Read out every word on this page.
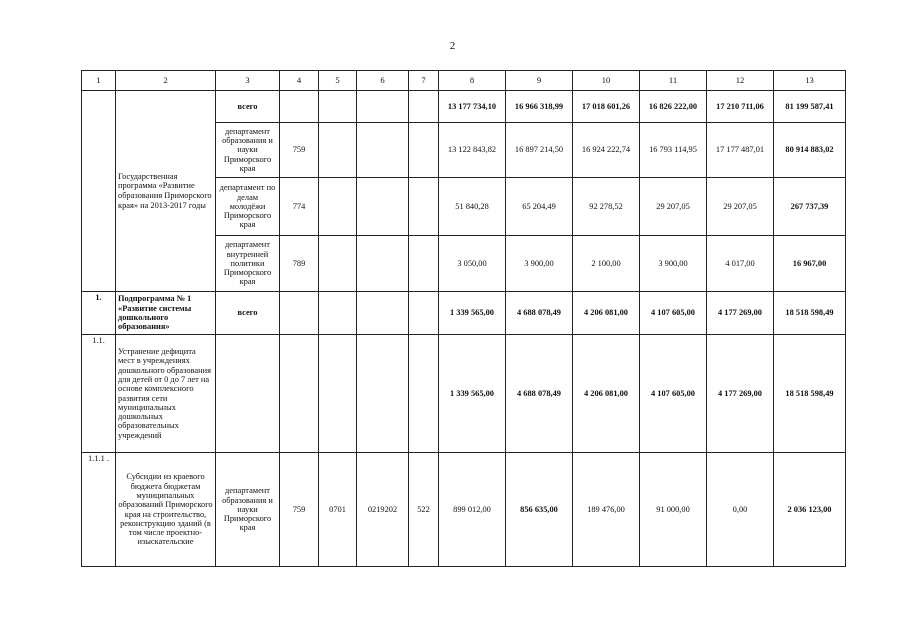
2
1	2	3	4	5	6	7	8	9	10	11	12	13
	Государственная программа «Развитие образования Приморского края» на 2013-2017 годы	всего					13 177 734,10	16 966 318,99	17 018 601,26	16 826 222,00	17 210 711,06	81 199 587,41
		департамент образования и науки Приморского края	759				13 122 843,82	16 897 214,50	16 924 222,74	16 793 114,95	17 177 487,01	80 914 883,02
		департамент по делам молодёжи Приморского края	774				51 840,28	65 204,49	92 278,52	29 207,05	29 207,05	267 737,39
		департамент внутренней политики Приморского края	789				3 050,00	3 900,00	2 100,00	3 900,00	4 017,00	16 967,00
1.	Подпрограмма № 1 «Развитие системы дошкольного образования»	всего					1 339 565,00	4 688 078,49	4 206 081,00	4 107 605,00	4 177 269,00	18 518 598,49
1.1.	Устранение дефицита мест в учреждениях дошкольного образования для детей от 0 до 7 лет на основе комплексного развития сети муниципальных дошкольных образовательных учреждений						1 339 565,00	4 688 078,49	4 206 081,00	4 107 605,00	4 177 269,00	18 518 598,49
1.1.1 .	Субсидии из краевого бюджета бюджетам муниципальных образований Приморского края на строительство, реконструкцию зданий (в том числе проектно-изыскательские	департамент образования и науки Приморского края	759	0701	0219202	522	899 012,00	856 635,00	189 476,00	91 000,00	0,00	2 036 123,00
